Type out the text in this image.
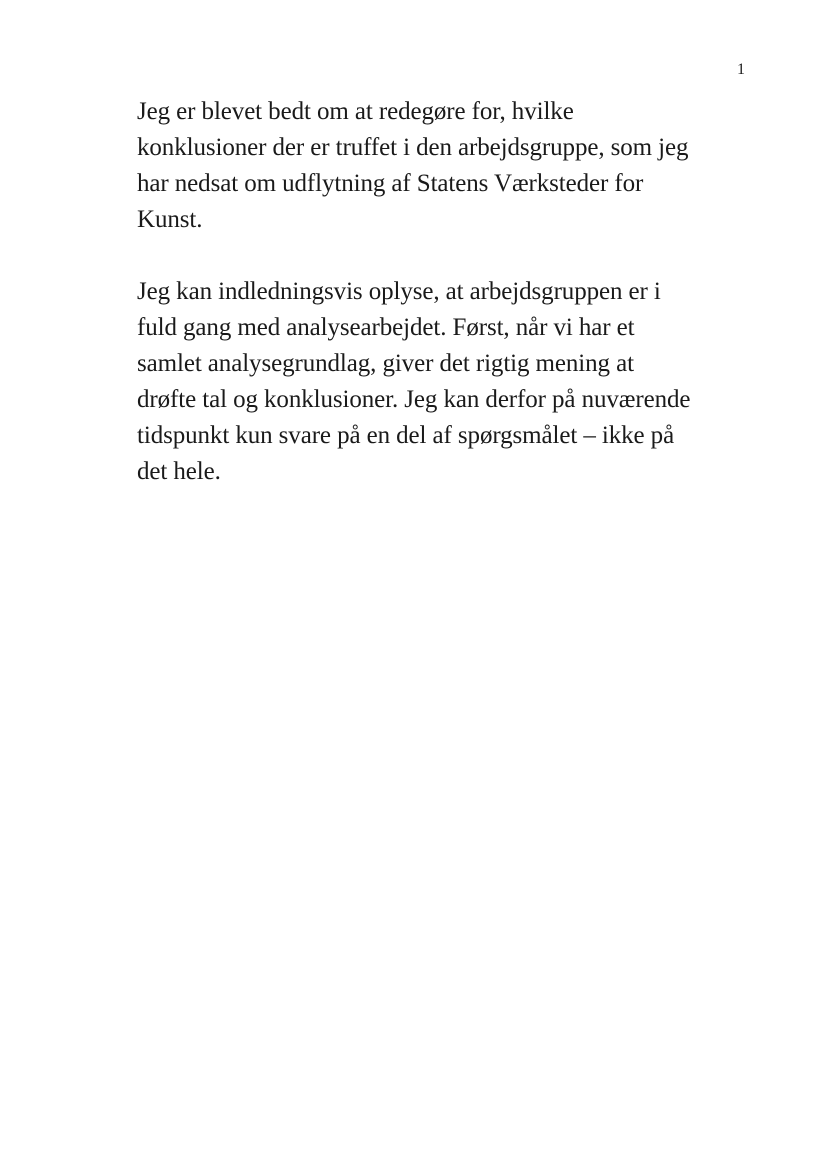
1

Jeg er blevet bedt om at redegøre for, hvilke
konklusioner der er truffet i den arbejdsgruppe, som jeg
har nedsat om udflytning af Statens Værksteder for
Kunst.

Jeg kan indledningsvis oplyse, at arbejdsgruppen er i
fuld gang med analysearbejdet. Først, når vi har et
samlet analysegrundlag, giver det rigtig mening at
drøfte tal og konklusioner. Jeg kan derfor på nuværende
tidspunkt kun svare på en del af spørgsmålet – ikke på
det hele.
